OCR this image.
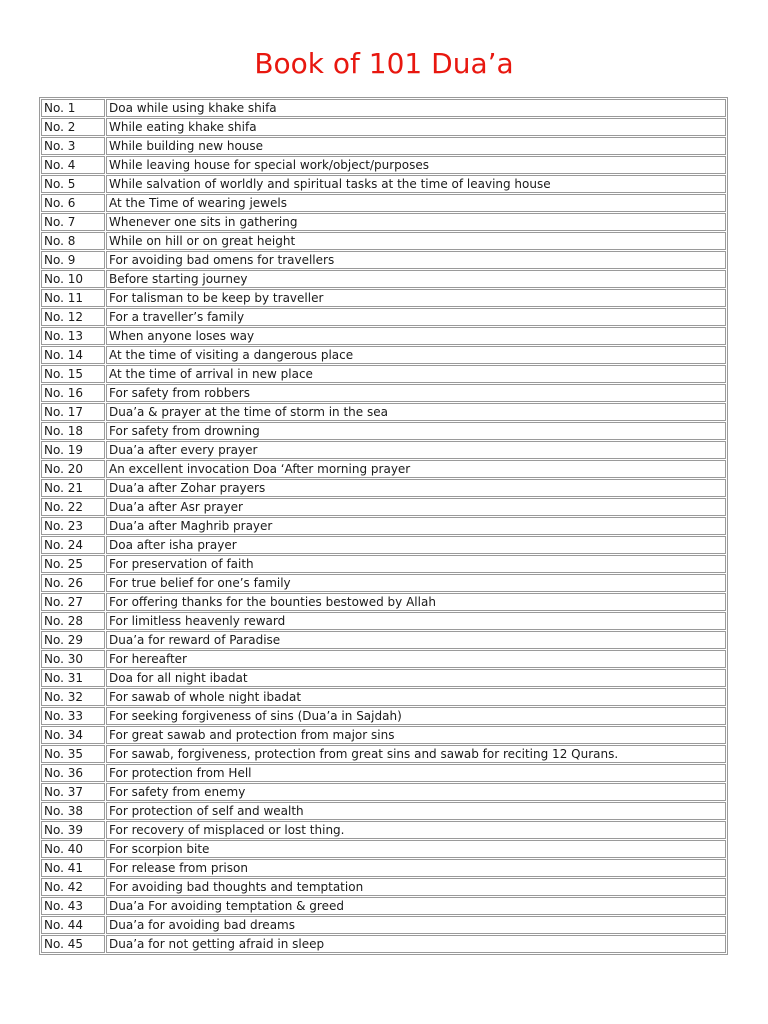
Book of 101 Dua’a
No. 1	Doa while using khake shifa
No. 2	While eating khake shifa
No. 3	While building new house
No. 4	While leaving house for special work/object/purposes
No. 5	While salvation of worldly and spiritual tasks at the time of leaving house
No. 6	At the Time of wearing jewels
No. 7	Whenever one sits in gathering
No. 8	While on hill or on great height
No. 9	For avoiding bad omens for travellers
No. 10	Before starting journey
No. 11	For talisman to be keep by traveller
No. 12	For a traveller’s family
No. 13	When anyone loses way
No. 14	At the time of visiting a dangerous place
No. 15	At the time of arrival in new place
No. 16	For safety from robbers
No. 17	Dua’a & prayer at the time of storm in the sea
No. 18	For safety from drowning
No. 19	Dua’a after every prayer
No. 20	An excellent invocation Doa ‘After morning prayer
No. 21	Dua’a after Zohar prayers
No. 22	Dua’a after Asr prayer
No. 23	Dua’a after Maghrib prayer
No. 24	Doa after isha prayer
No. 25	For preservation of faith
No. 26	For true belief for one’s family
No. 27	For offering thanks for the bounties bestowed by Allah
No. 28	For limitless heavenly reward
No. 29	Dua’a for reward of Paradise
No. 30	For hereafter
No. 31	Doa for all night ibadat
No. 32	For sawab of whole night ibadat
No. 33	For seeking forgiveness of sins (Dua’a in Sajdah)
No. 34	For great sawab and protection from major sins
No. 35	For sawab, forgiveness, protection from great sins and sawab for reciting 12 Qurans.
No. 36	For protection from Hell
No. 37	For safety from enemy
No. 38	For protection of self and wealth
No. 39	For recovery of misplaced or lost thing.
No. 40	For scorpion bite
No. 41	For release from prison
No. 42	For avoiding bad thoughts and temptation
No. 43	Dua’a For avoiding temptation & greed
No. 44	Dua’a for avoiding bad dreams
No. 45	Dua’a for not getting afraid in sleep
